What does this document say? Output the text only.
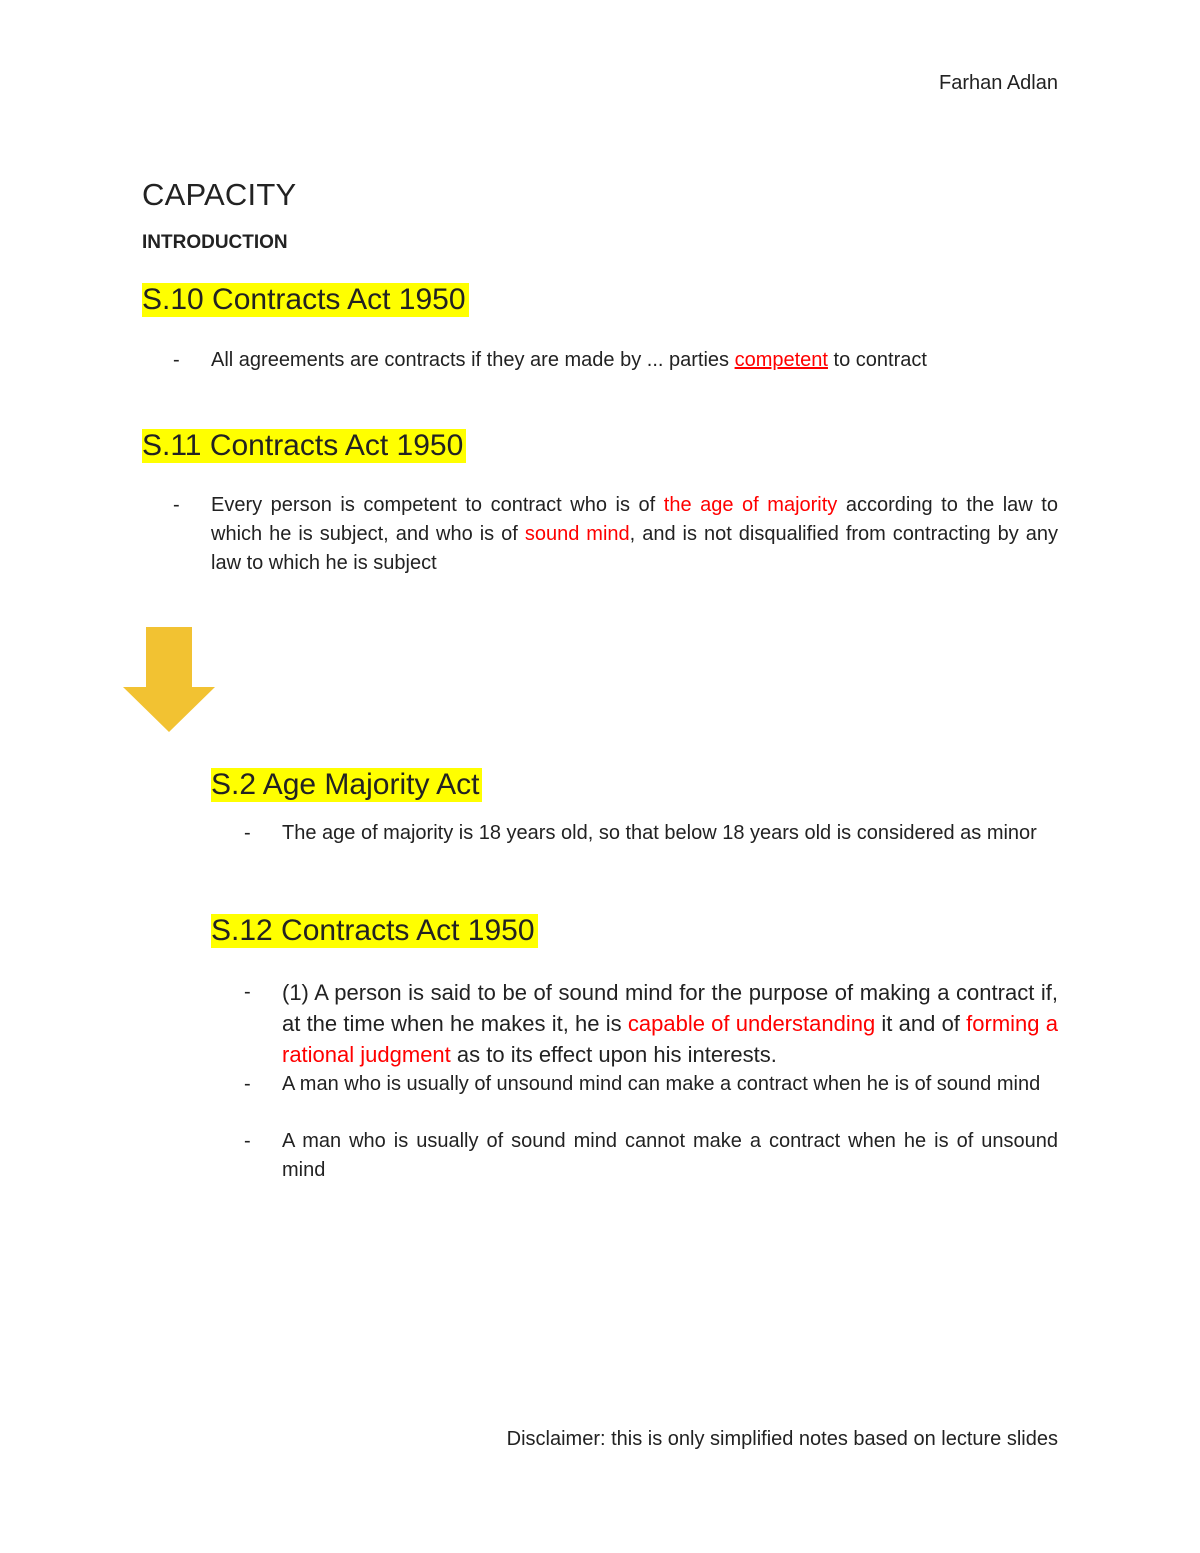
Farhan Adlan
CAPACITY
INTRODUCTION
S.10 Contracts Act 1950
- All agreements are contracts if they are made by ... parties competent to contract
S.11 Contracts Act 1950
- Every person is competent to contract who is of the age of majority according to the law to which he is subject, and who is of sound mind, and is not disqualified from contracting by any law to which he is subject
S.2 Age Majority Act
- The age of majority is 18 years old, so that below 18 years old is considered as minor
S.12 Contracts Act 1950
- (1) A person is said to be of sound mind for the purpose of making a contract if, at the time when he makes it, he is capable of understanding it and of forming a rational judgment as to its effect upon his interests.
- A man who is usually of unsound mind can make a contract when he is of sound mind
- A man who is usually of sound mind cannot make a contract when he is of unsound mind
Disclaimer: this is only simplified notes based on lecture slides
